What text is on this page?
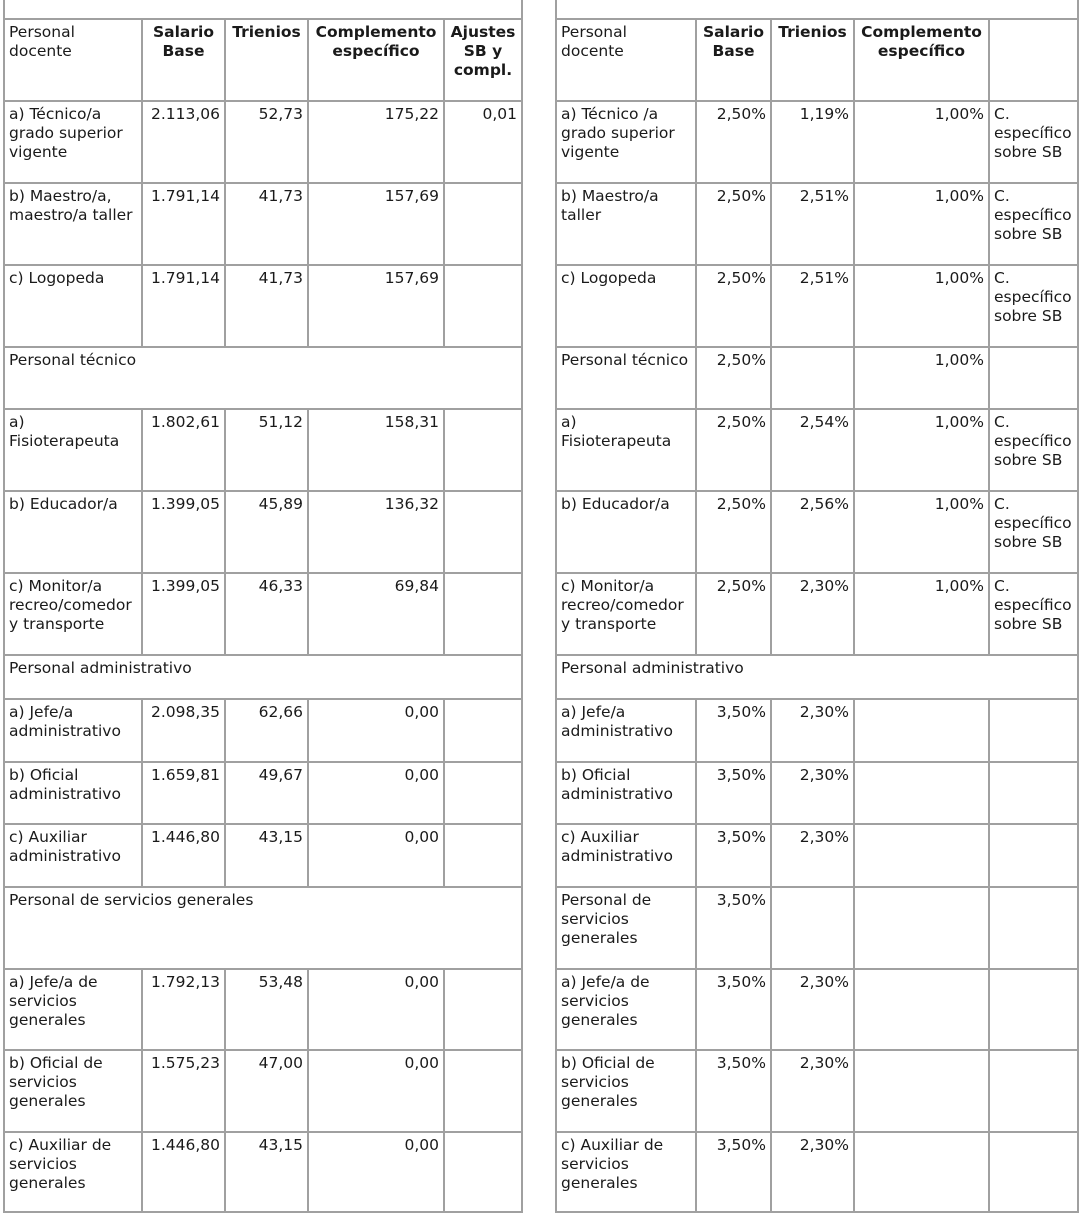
Personal docente	Salario Base	Trienios	Complemento específico	Ajustes SB y compl.
a) Técnico/a grado superior vigente	2.113,06	52,73	175,22	0,01
b) Maestro/a, maestro/a taller	1.791,14	41,73	157,69	
c) Logopeda	1.791,14	41,73	157,69	
Personal técnico				
a) Fisioterapeuta	1.802,61	51,12	158,31	
b) Educador/a	1.399,05	45,89	136,32	
c) Monitor/a recreo/comedor y transporte	1.399,05	46,33	69,84	
Personal administrativo				
a) Jefe/a administrativo	2.098,35	62,66	0,00	
b) Oficial administrativo	1.659,81	49,67	0,00	
c) Auxiliar administrativo	1.446,80	43,15	0,00	
Personal de servicios generales				
a) Jefe/a de servicios generales	1.792,13	53,48	0,00	
b) Oficial de servicios generales	1.575,23	47,00	0,00	
c) Auxiliar de servicios generales	1.446,80	43,15	0,00	

Personal docente	Salario Base	Trienios	Complemento específico	
a) Técnico /a grado superior vigente	2,50%	1,19%	1,00%	C. específico sobre SB
b) Maestro/a taller	2,50%	2,51%	1,00%	C. específico sobre SB
c) Logopeda	2,50%	2,51%	1,00%	C. específico sobre SB
Personal técnico	2,50%		1,00%	
a) Fisioterapeuta	2,50%	2,54%	1,00%	C. específico sobre SB
b) Educador/a	2,50%	2,56%	1,00%	C. específico sobre SB
c) Monitor/a recreo/comedor y transporte	2,50%	2,30%	1,00%	C. específico sobre SB
Personal administrativo				
a) Jefe/a administrativo	3,50%	2,30%		
b) Oficial administrativo	3,50%	2,30%		
c) Auxiliar administrativo	3,50%	2,30%		
Personal de servicios generales	3,50%			
a) Jefe/a de servicios generales	3,50%	2,30%		
b) Oficial de servicios generales	3,50%	2,30%		
c) Auxiliar de servicios generales	3,50%	2,30%		
